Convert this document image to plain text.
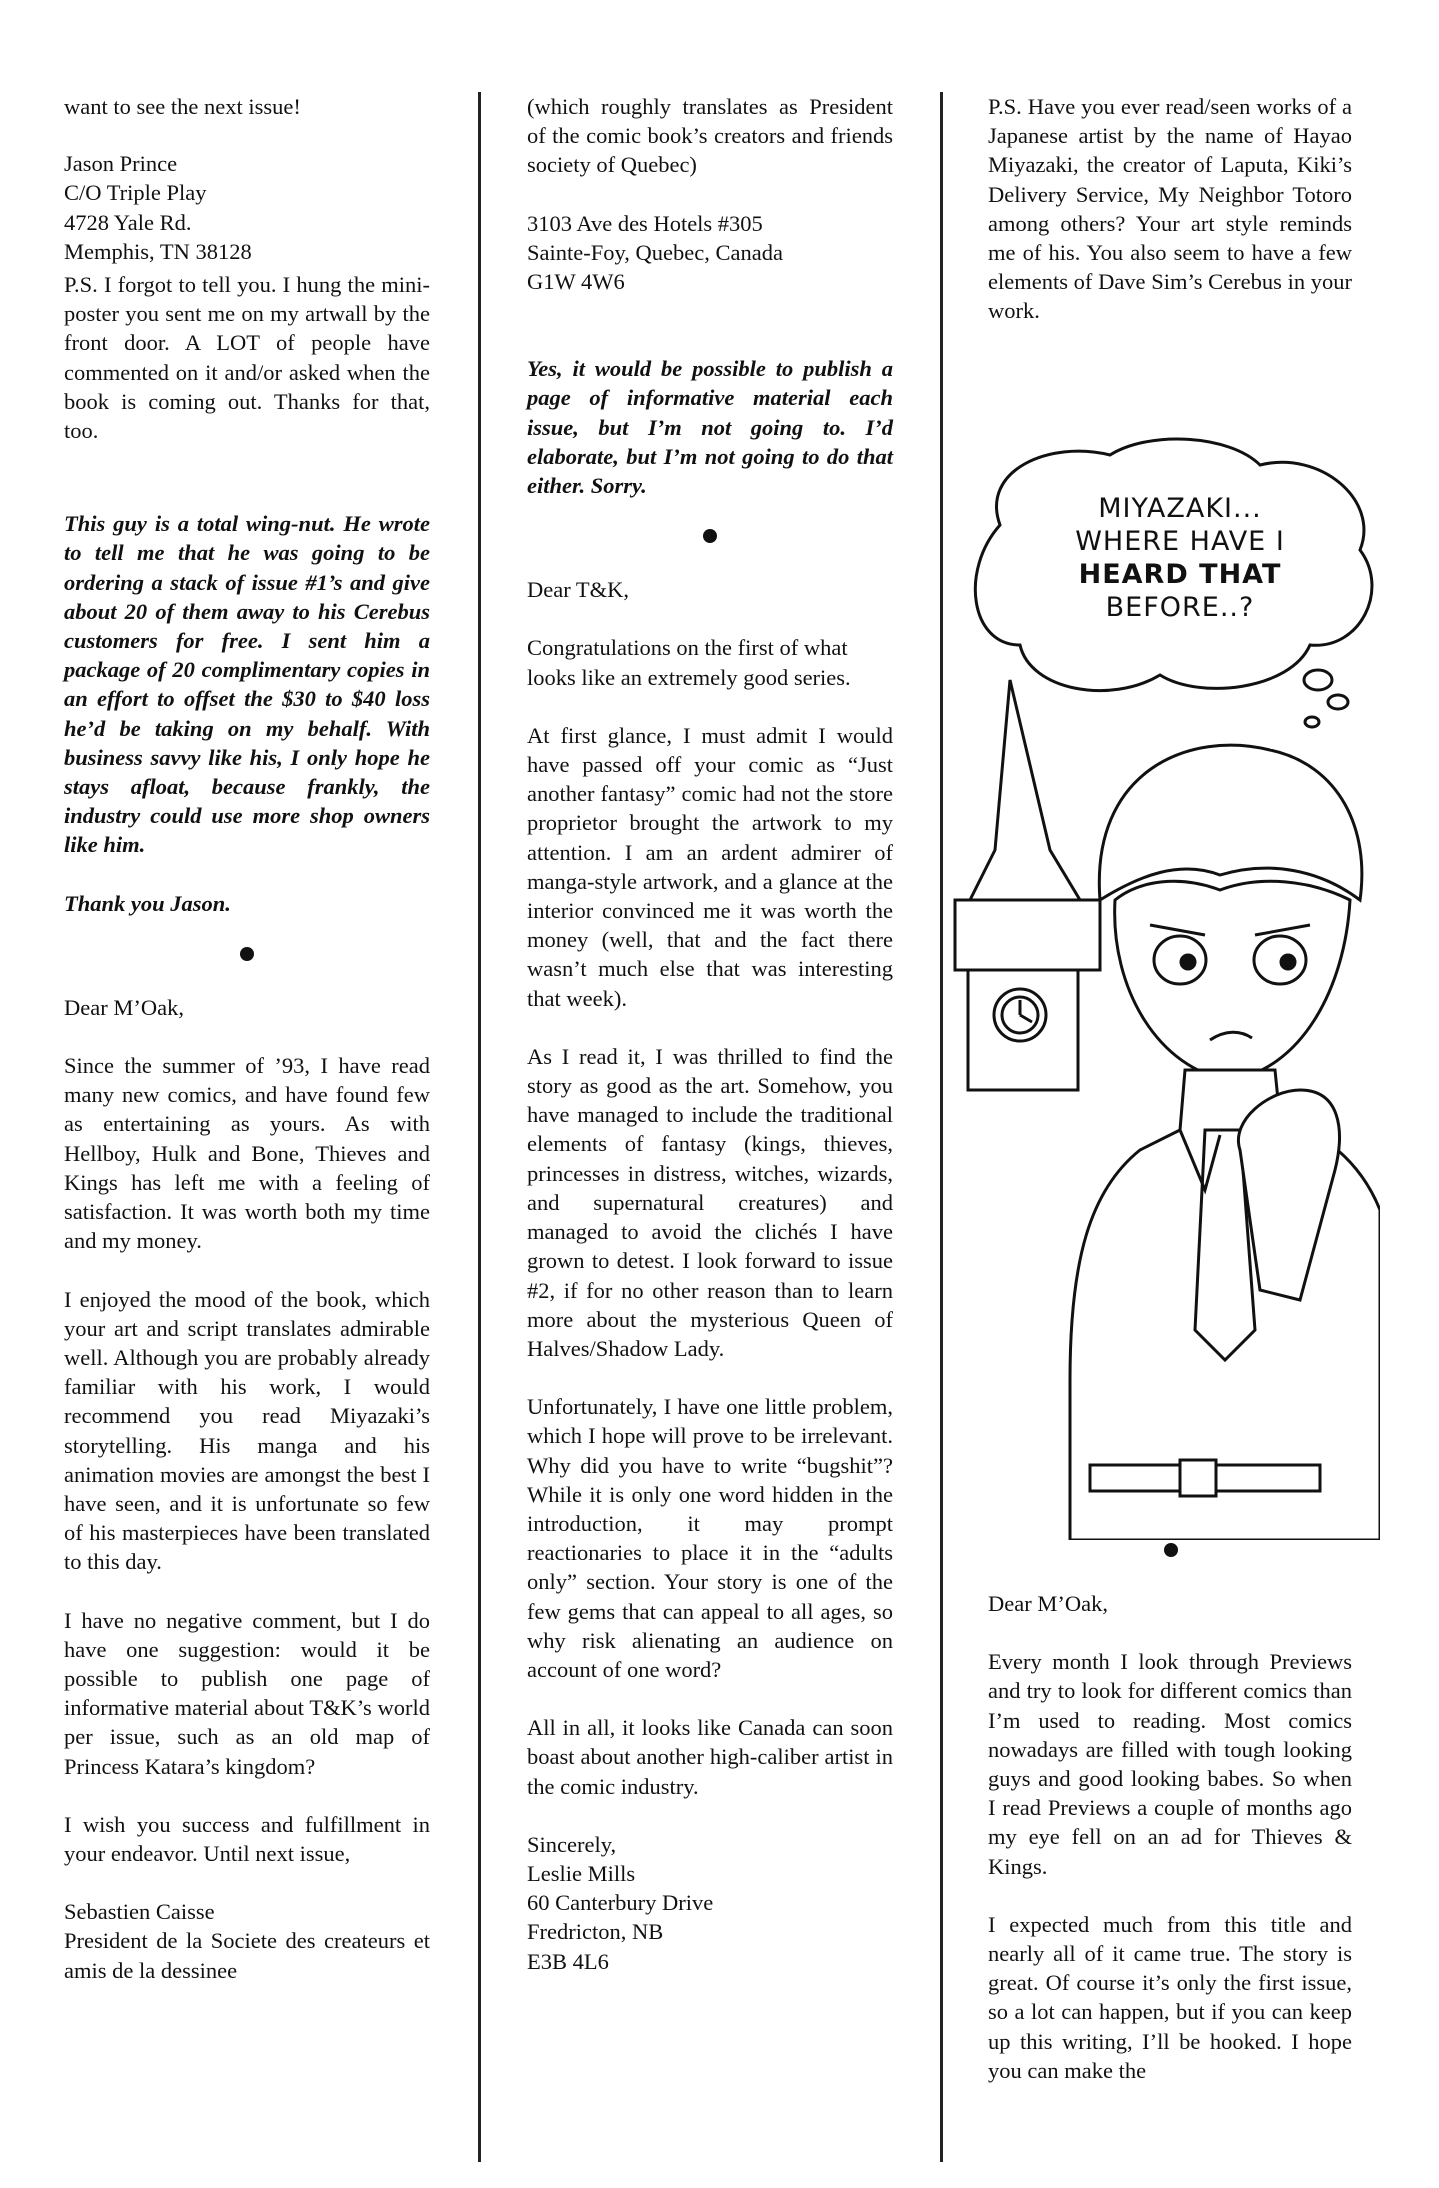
want to see the next issue!

Jason Prince
C/O Triple Play
4728 Yale Rd.
Memphis, TN 38128

P.S. I forgot to tell you. I hung the mini-poster you sent me on my artwall by the front door. A LOT of people have commented on it and/or asked when the book is coming out. Thanks for that, too.

This guy is a total wing-nut. He wrote to tell me that he was going to be ordering a stack of issue #1’s and give about 20 of them away to his Cerebus customers for free. I sent him a package of 20 complimentary copies in an effort to offset the $30 to $40 loss he’d be taking on my behalf. With business savvy like his, I only hope he stays afloat, because frankly, the industry could use more shop owners like him.

Thank you Jason.

Dear M’Oak,

Since the summer of ’93, I have read many new comics, and have found few as entertaining as yours. As with Hellboy, Hulk and Bone, Thieves and Kings has left me with a feeling of satisfaction. It was worth both my time and my money.

I enjoyed the mood of the book, which your art and script translates admirable well. Although you are probably already familiar with his work, I would recommend you read Miyazaki’s storytelling. His manga and his animation movies are amongst the best I have seen, and it is unfortunate so few of his masterpieces have been translated to this day.

I have no negative comment, but I do have one suggestion: would it be possible to publish one page of informative material about T&K’s world per issue, such as an old map of Princess Katara’s kingdom?

I wish you success and fulfillment in your endeavor. Until next issue,

Sebastien Caisse

President de la Societe des createurs et amis de la dessinee

(which roughly translates as President of the comic book’s creators and friends society of Quebec)

3103 Ave des Hotels #305
Sainte-Foy, Quebec, Canada
G1W 4W6

Yes, it would be possible to publish a page of informative material each issue, but I’m not going to. I’d elaborate, but I’m not going to do that either. Sorry.

Dear T&K,

Congratulations on the first of what looks like an extremely good series.

At first glance, I must admit I would have passed off your comic as “Just another fantasy” comic had not the store proprietor brought the artwork to my attention. I am an ardent admirer of manga-style artwork, and a glance at the interior convinced me it was worth the money (well, that and the fact there wasn’t much else that was interesting that week).

As I read it, I was thrilled to find the story as good as the art. Somehow, you have managed to include the traditional elements of fantasy (kings, thieves, princesses in distress, witches, wizards, and supernatural creatures) and managed to avoid the clichés I have grown to detest. I look forward to issue #2, if for no other reason than to learn more about the mysterious Queen of Halves/Shadow Lady.

Unfortunately, I have one little problem, which I hope will prove to be irrelevant. Why did you have to write “bugshit”? While it is only one word hidden in the introduction, it may prompt reactionaries to place it in the “adults only” section. Your story is one of the few gems that can appeal to all ages, so why risk alienating an audience on account of one word?

All in all, it looks like Canada can soon boast about another high-caliber artist in the comic industry.

Sincerely,
Leslie Mills
60 Canterbury Drive
Fredricton, NB
E3B 4L6

P.S. Have you ever read/seen works of a Japanese artist by the name of Hayao Miyazaki, the creator of Laputa, Kiki’s Delivery Service, My Neighbor Totoro among others? Your art style reminds me of his. You also seem to have a few elements of Dave Sim’s Cerebus in your work.

MIYAZAKI...
WHERE HAVE I
HEARD THAT
BEFORE..?

Dear M’Oak,

Every month I look through Previews and try to look for different comics than I’m used to reading. Most comics nowadays are filled with tough looking guys and good looking babes. So when I read Previews a couple of months ago my eye fell on an ad for Thieves & Kings.

I expected much from this title and nearly all of it came true. The story is great. Of course it’s only the first issue, so a lot can happen, but if you can keep up this writing, I’ll be hooked. I hope you can make the
